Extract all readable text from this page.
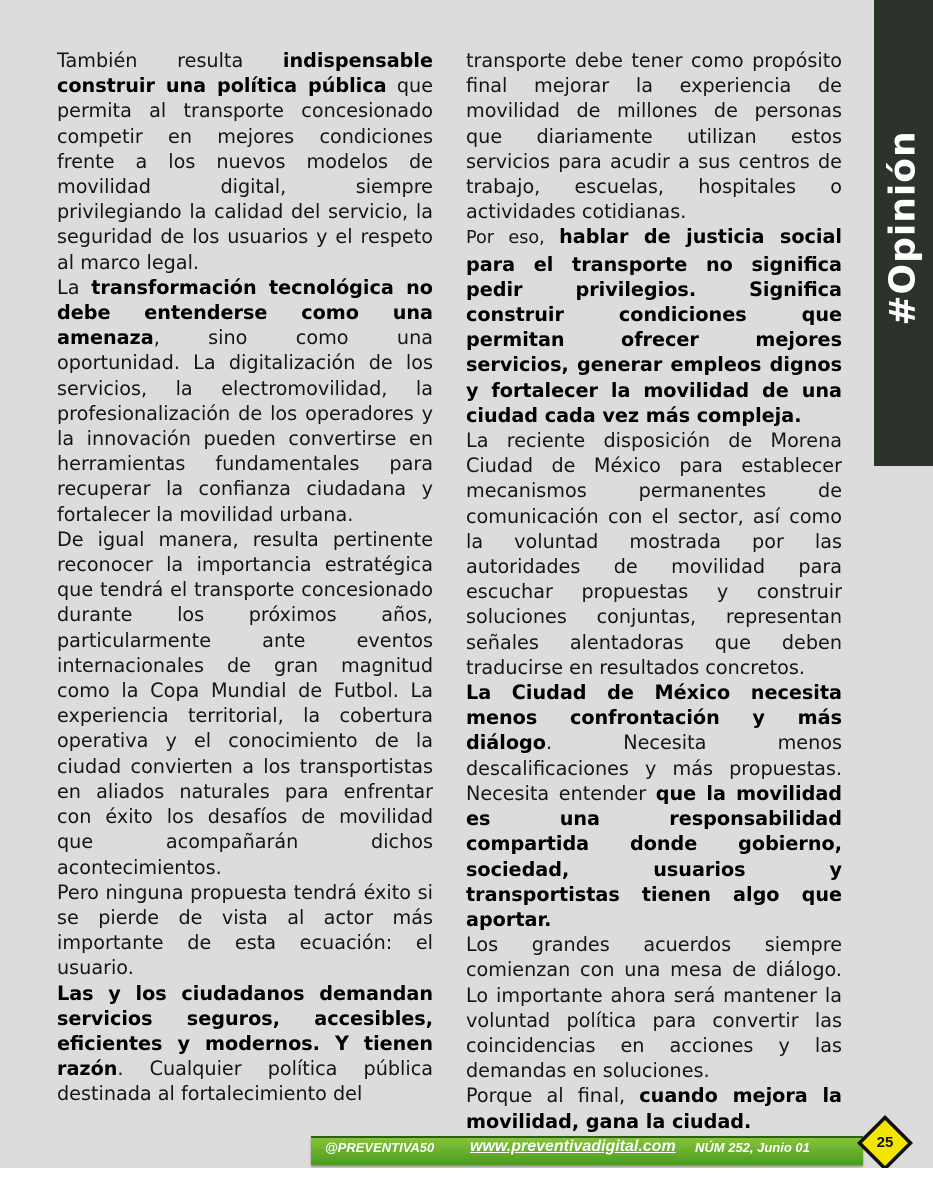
También resulta indispensable construir una política pública que permita al transporte concesionado competir en mejores condiciones frente a los nuevos modelos de movilidad digital, siempre privilegiando la calidad del servicio, la seguridad de los usuarios y el respeto al marco legal.

La transformación tecnológica no debe entenderse como una amenaza, sino como una oportunidad. La digitalización de los servicios, la electromovilidad, la profesionalización de los operadores y la innovación pueden convertirse en herramientas fundamentales para recuperar la confianza ciudadana y fortalecer la movilidad urbana.

De igual manera, resulta pertinente reconocer la importancia estratégica que tendrá el transporte concesionado durante los próximos años, particularmente ante eventos internacionales de gran magnitud como la Copa Mundial de Futbol. La experiencia territorial, la cobertura operativa y el conocimiento de la ciudad convierten a los transportistas en aliados naturales para enfrentar con éxito los desafíos de movilidad que acompañarán dichos acontecimientos.

Pero ninguna propuesta tendrá éxito si se pierde de vista al actor más importante de esta ecuación: el usuario.

Las y los ciudadanos demandan servicios seguros, accesibles, eficientes y modernos. Y tienen razón. Cualquier política pública destinada al fortalecimiento del

transporte debe tener como propósito final mejorar la experiencia de movilidad de millones de personas que diariamente utilizan estos servicios para acudir a sus centros de trabajo, escuelas, hospitales o actividades cotidianas.

Por eso, hablar de justicia social para el transporte no significa pedir privilegios. Significa construir condiciones que permitan ofrecer mejores servicios, generar empleos dignos y fortalecer la movilidad de una ciudad cada vez más compleja.

La reciente disposición de Morena Ciudad de México para establecer mecanismos permanentes de comunicación con el sector, así como la voluntad mostrada por las autoridades de movilidad para escuchar propuestas y construir soluciones conjuntas, representan señales alentadoras que deben traducirse en resultados concretos.

La Ciudad de México necesita menos confrontación y más diálogo. Necesita menos descalificaciones y más propuestas. Necesita entender que la movilidad es una responsabilidad compartida donde gobierno, sociedad, usuarios y transportistas tienen algo que aportar.

Los grandes acuerdos siempre comienzan con una mesa de diálogo. Lo importante ahora será mantener la voluntad política para convertir las coincidencias en acciones y las demandas en soluciones.

Porque al final, cuando mejora la movilidad, gana la ciudad.

#Opinión
@PREVENTIVA50 www.preventivadigital.com NÚM 252, Junio 01	25
